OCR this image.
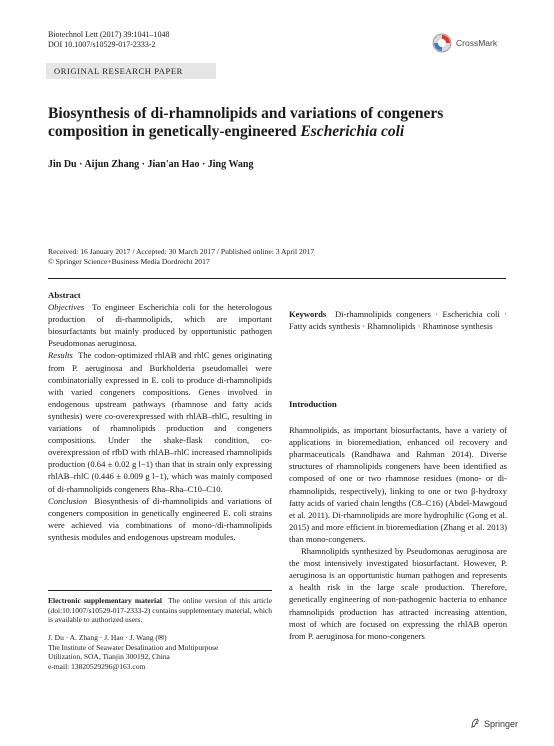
Biotechnol Lett (2017) 39:1041–1048
DOI 10.1007/s10529-017-2333-2	CrossMark
ORIGINAL RESEARCH PAPER
Biosynthesis of di-rhamnolipids and variations of congeners
composition in genetically-engineered Escherichia coli
Jin Du · Aijun Zhang · Jian'an Hao · Jing Wang
Received: 16 January 2017 / Accepted: 30 March 2017 / Published online: 3 April 2017
© Springer Science+Business Media Dordrecht 2017

Abstract

Objectives To engineer Escherichia coli for the heterologous production of di-rhamnolipids, which are important biosurfactants but mainly produced by opportunistic pathogen Pseudomonas aeruginosa.

Results The codon-optimized rhlAB and rhlC genes originating from P. aeruginosa and Burkholderia pseudomallei were combinatorially expressed in E. coli to produce di-rhamnolipids with varied congeners compositions. Genes involved in endogenous upstream pathways (rhamnose and fatty acids synthesis) were co-overexpressed with rhlAB–rhlC, resulting in variations of rhamnolipids production and congeners compositions. Under the shake-flask condition, co-overexpression of rfbD with rhlAB–rhlC increased rhamnolipids production (0.64 ± 0.02 g l−1) than that in strain only expressing rhlAB–rhlC (0.446 ± 0.009 g l−1), which was mainly composed of di-rhamnolipids congeners Rha–Rha–C10–C10.

Conclusion Biosynthesis of di-rhamnolipids and variations of congeners composition in genetically engineered E. coli strains were achieved via combinations of mono-/di-rhamnolipids synthesis modules and endogenous upstream modules.

Electronic supplementary material The online version of this article (doi:10.1007/s10529-017-2333-2) contains supplementary material, which is available to authorized users.

J. Du · A. Zhang · J. Hao · J. Wang (✉)

The Institute of Seawater Desalination and Multipurpose

Utilization, SOA, Tianjin 300192, China

e-mail: 13820529296@163.com

Keywords Di-rhamnolipids congeners · Escherichia coli · Fatty acids synthesis · Rhamnolipids · Rhamnose synthesis

Introduction

Rhamnolipids, as important biosurfactants, have a variety of applications in bioremediation, enhanced oil recovery and pharmaceuticals (Randhawa and Rahman 2014). Diverse structures of rhamnolipids congeners have been identified as composed of one or two rhamnose residues (mono- or di-rhamnolipids, respectively), linking to one or two β-hydroxy fatty acids of varied chain lengths (C8–C16) (Abdel-Mawgoud et al. 2011). Di-rhamnolipids are more hydrophilic (Gong et al. 2015) and more efficient in bioremediation (Zhang et al. 2013) than mono-congeners.

Rhamnolipids synthesized by Pseudomonas aeruginosa are the most intensively investigated biosurfactant. However, P. aeruginosa is an opportunistic human pathogen and represents a health risk in the large scale production. Therefore, genetically engineering of non-pathogenic bacteria to enhance rhamnolipids production has attracted increasing attention, most of which are focused on expressing the rhlAB operon from P. aeruginosa for mono-congeners

Springer
